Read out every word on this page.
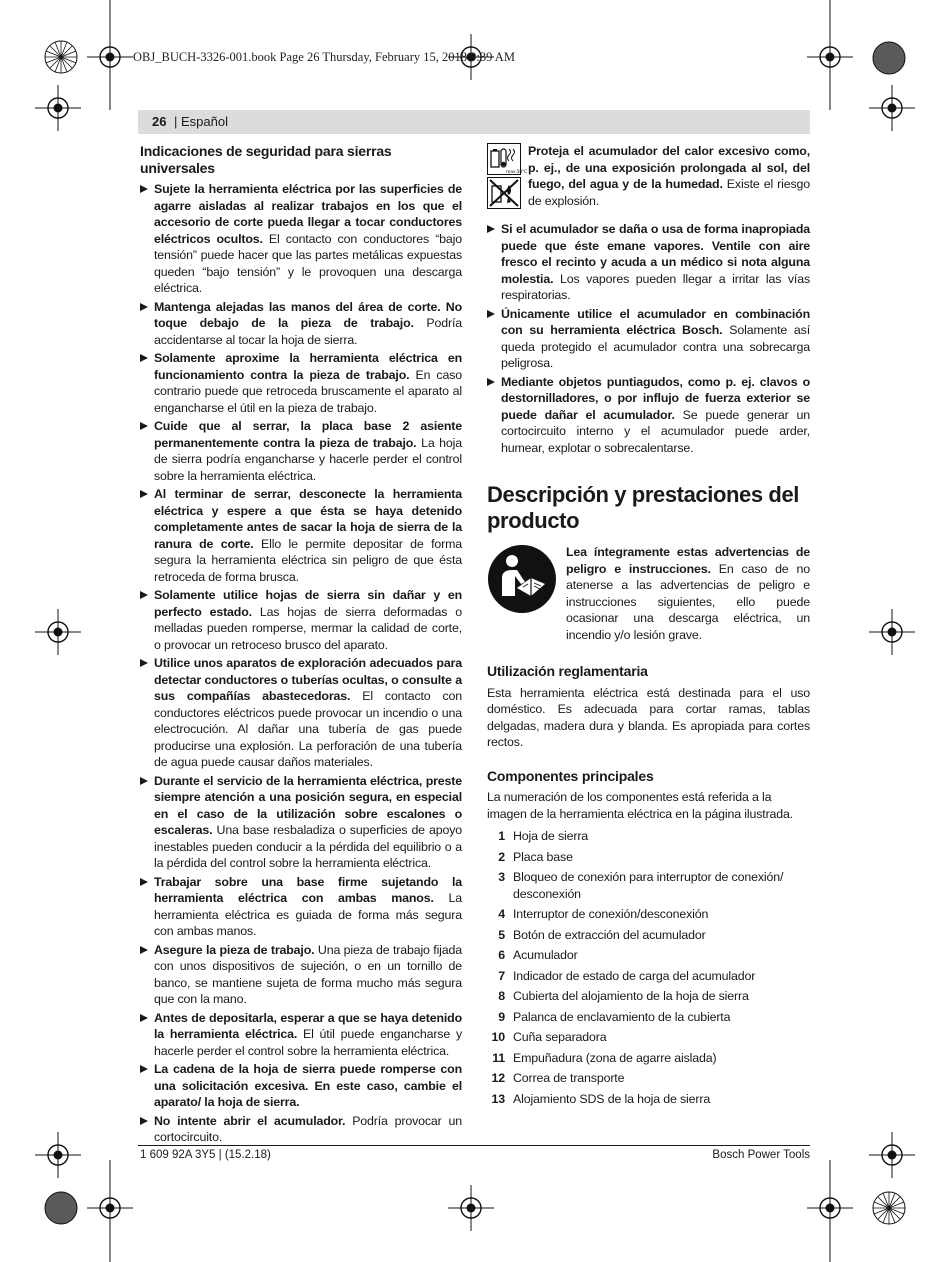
OBJ_BUCH-3326-001.book Page 26 Thursday, February 15, 2018 9:39 AM
26 | Español
Indicaciones de seguridad para sierras universales
Sujete la herramienta eléctrica por las superficies de agarre aisladas al realizar trabajos en los que el accesorio de corte pueda llegar a tocar conductores eléctricos ocultos. El contacto con conductores “bajo tensión” puede hacer que las partes metálicas expuestas queden “bajo tensión” y le provoquen una descarga eléctrica.
Mantenga alejadas las manos del área de corte. No toque debajo de la pieza de trabajo. Podría accidentarse al tocar la hoja de sierra.
Solamente aproxime la herramienta eléctrica en funcionamiento contra la pieza de trabajo. En caso contrario puede que retroceda bruscamente el aparato al engancharse el útil en la pieza de trabajo.
Cuide que al serrar, la placa base 2 asiente permanentemente contra la pieza de trabajo. La hoja de sierra podría engancharse y hacerle perder el control sobre la herramienta eléctrica.
Al terminar de serrar, desconecte la herramienta eléctrica y espere a que ésta se haya detenido completamente antes de sacar la hoja de sierra de la ranura de corte. Ello le permite depositar de forma segura la herramienta eléctrica sin peligro de que ésta retroceda de forma brusca.
Solamente utilice hojas de sierra sin dañar y en perfecto estado. Las hojas de sierra deformadas o melladas pueden romperse, mermar la calidad de corte, o provocar un retroceso brusco del aparato.
Utilice unos aparatos de exploración adecuados para detectar conductores o tuberías ocultas, o consulte a sus compañías abastecedoras. El contacto con conductores eléctricos puede provocar un incendio o una electrocución. Al dañar una tubería de gas puede producirse una explosión. La perforación de una tubería de agua puede causar daños materiales.
Durante el servicio de la herramienta eléctrica, preste siempre atención a una posición segura, en especial en el caso de la utilización sobre escalones o escaleras. Una base resbaladiza o superficies de apoyo inestables pueden conducir a la pérdida del equilibrio o a la pérdida del control sobre la herramienta eléctrica.
Trabajar sobre una base firme sujetando la herramienta eléctrica con ambas manos. La herramienta eléctrica es guiada de forma más segura con ambas manos.
Asegure la pieza de trabajo. Una pieza de trabajo fijada con unos dispositivos de sujeción, o en un tornillo de banco, se mantiene sujeta de forma mucho más segura que con la mano.
Antes de depositarla, esperar a que se haya detenido la herramienta eléctrica. El útil puede engancharse y hacerle perder el control sobre la herramienta eléctrica.
La cadena de la hoja de sierra puede romperse con una solicitación excesiva. En este caso, cambie el aparato/ la hoja de sierra.
No intente abrir el acumulador. Podría provocar un cortocircuito.
max.50°C
Proteja el acumulador del calor excesivo como, p. ej., de una exposición prolongada al sol, del fuego, del agua y de la humedad. Existe el riesgo de explosión.
Si el acumulador se daña o usa de forma inapropiada puede que éste emane vapores. Ventile con aire fresco el recinto y acuda a un médico si nota alguna molestia. Los vapores pueden llegar a irritar las vías respiratorias.
Únicamente utilice el acumulador en combinación con su herramienta eléctrica Bosch. Solamente así queda protegido el acumulador contra una sobrecarga peligrosa.
Mediante objetos puntiagudos, como p. ej. clavos o destornilladores, o por influjo de fuerza exterior se puede dañar el acumulador. Se puede generar un cortocircuito interno y el acumulador puede arder, humear, explotar o sobrecalentarse.
Descripción y prestaciones del producto
Lea íntegramente estas advertencias de peligro e instrucciones. En caso de no atenerse a las advertencias de peligro e instrucciones siguientes, ello puede ocasionar una descarga eléctrica, un incendio y/o lesión grave.
Utilización reglamentaria

Esta herramienta eléctrica está destinada para el uso doméstico. Es adecuada para cortar ramas, tablas delgadas, madera dura y blanda. Es apropiada para cortes rectos.

Componentes principales

La numeración de los componentes está referida a la imagen de la herramienta eléctrica en la página ilustrada.

1 Hoja de sierra
2 Placa base
3 Bloqueo de conexión para interruptor de conexión/ desconexión
4 Interruptor de conexión/desconexión
5 Botón de extracción del acumulador
6 Acumulador
7 Indicador de estado de carga del acumulador
8 Cubierta del alojamiento de la hoja de sierra
9 Palanca de enclavamiento de la cubierta
10 Cuña separadora
11 Empuñadura (zona de agarre aislada)
12 Correa de transporte
13 Alojamiento SDS de la hoja de sierra
1 609 92A 3Y5 | (15.2.18)	Bosch Power Tools
